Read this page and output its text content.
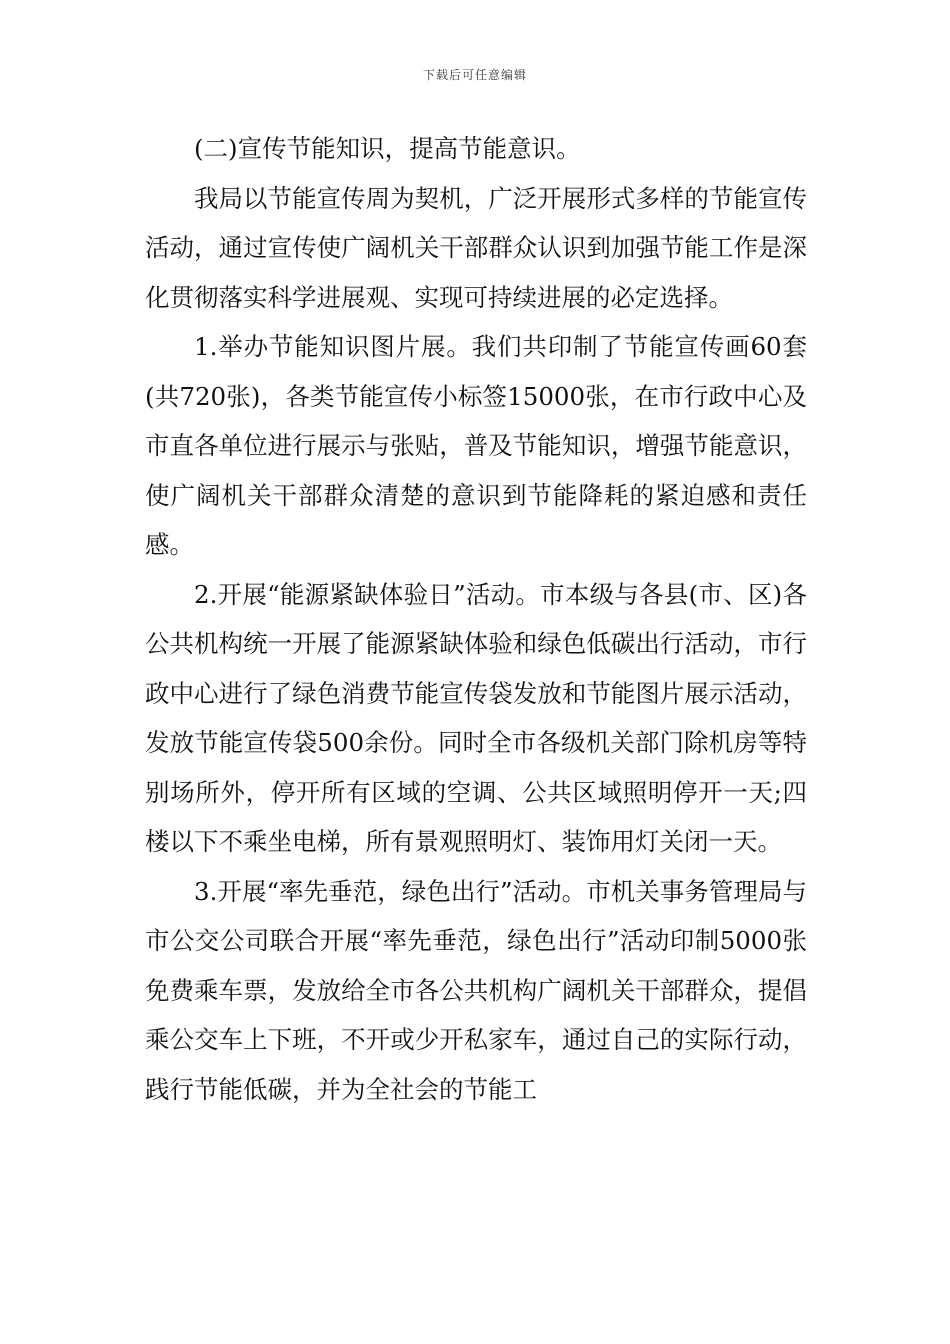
下载后可任意编辑

(二)宣传节能知识，提高节能意识。

我局以节能宣传周为契机，广泛开展形式多样的节能宣传活动，通过宣传使广阔机关干部群众认识到加强节能工作是深化贯彻落实科学进展观、实现可持续进展的必定选择。

1.举办节能知识图片展。我们共印制了节能宣传画60套(共720张)，各类节能宣传小标签15000张，在市行政中心及市直各单位进行展示与张贴，普及节能知识，增强节能意识，使广阔机关干部群众清楚的意识到节能降耗的紧迫感和责任感。

2.开展“能源紧缺体验日”活动。市本级与各县(市、区)各公共机构统一开展了能源紧缺体验和绿色低碳出行活动，市行政中心进行了绿色消费节能宣传袋发放和节能图片展示活动，发放节能宣传袋500余份。同时全市各级机关部门除机房等特别场所外，停开所有区域的空调、公共区域照明停开一天;四楼以下不乘坐电梯，所有景观照明灯、装饰用灯关闭一天。

3.开展“率先垂范，绿色出行”活动。市机关事务管理局与市公交公司联合开展“率先垂范，绿色出行”活动印制5000张免费乘车票，发放给全市各公共机构广阔机关干部群众，提倡乘公交车上下班，不开或少开私家车，通过自己的实际行动，践行节能低碳，并为全社会的节能工
